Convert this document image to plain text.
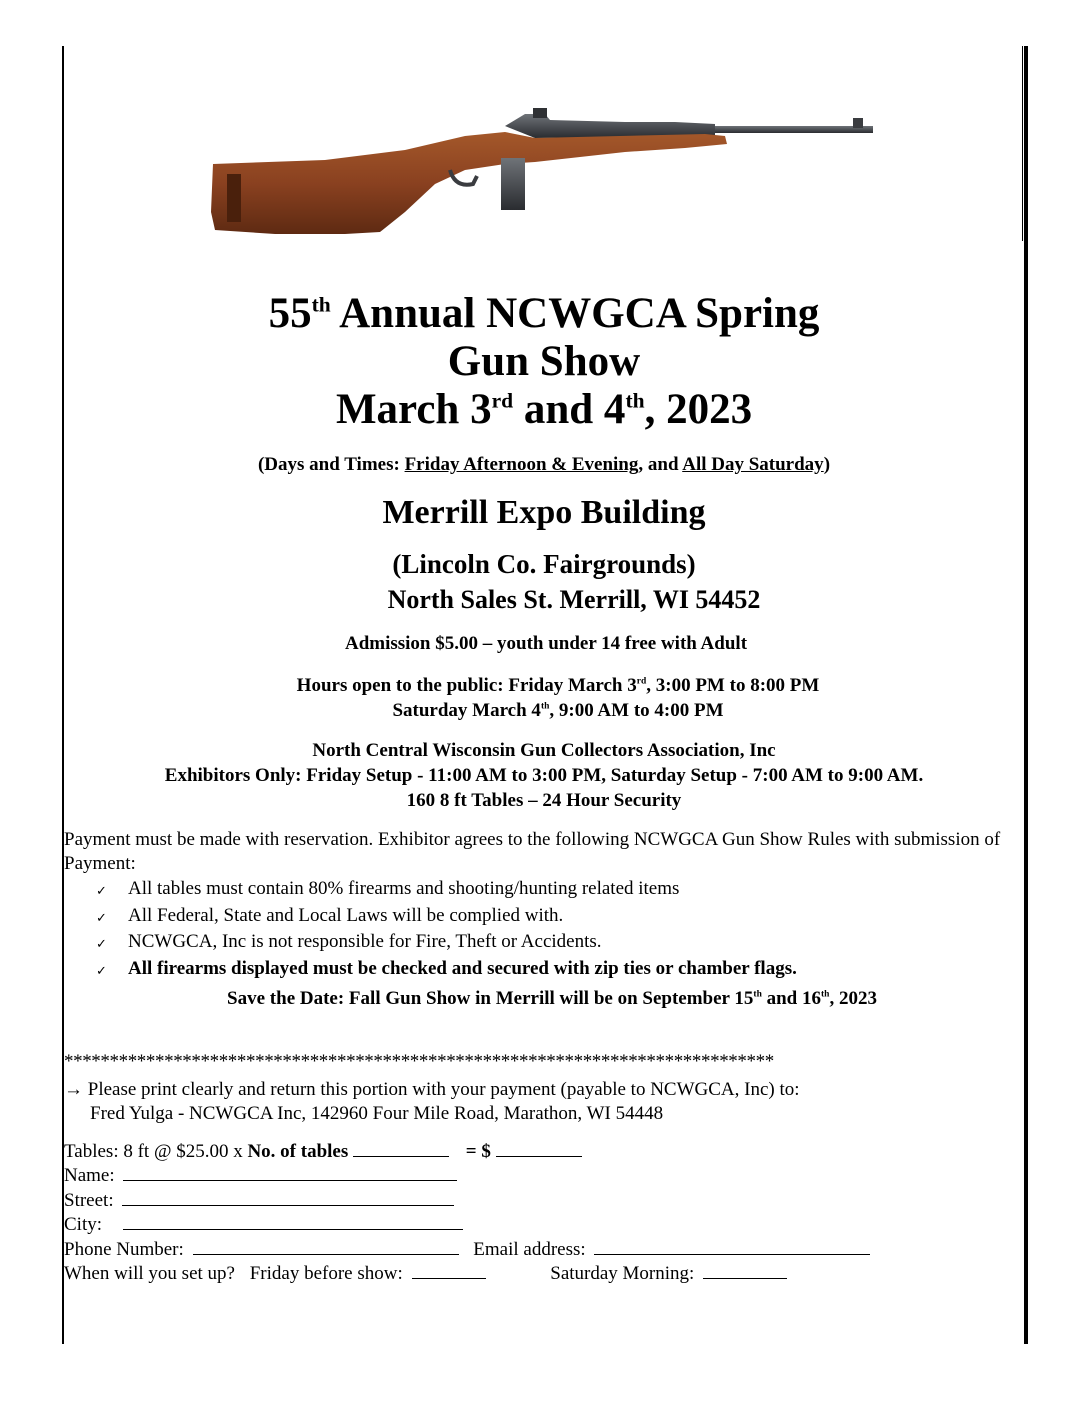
55th Annual NCWGCA Spring
Gun Show
March 3rd and 4th, 2023
(Days and Times: Friday Afternoon & Evening, and All Day Saturday)
Merrill Expo Building
(Lincoln Co. Fairgrounds)
North Sales St. Merrill, WI 54452
Admission $5.00 – youth under 14 free with Adult
Hours open to the public: Friday March 3rd, 3:00 PM to 8:00 PM
Saturday March 4th, 9:00 AM to 4:00 PM
North Central Wisconsin Gun Collectors Association, Inc
Exhibitors Only: Friday Setup - 11:00 AM to 3:00 PM, Saturday Setup - 7:00 AM to 9:00 AM.
160 8 ft Tables – 24 Hour Security
Payment must be made with reservation. Exhibitor agrees to the following NCWGCA Gun Show Rules with submission of Payment:
✓	All tables must contain 80% firearms and shooting/hunting related items
✓	All Federal, State and Local Laws will be complied with.
✓	NCWGCA, Inc is not responsible for Fire, Theft or Accidents.
✓	All firearms displayed must be checked and secured with zip ties or chamber flags.
Save the Date: Fall Gun Show in Merrill will be on September 15th and 16th, 2023
******************************************************************************
→ Please print clearly and return this portion with your payment (payable to NCWGCA, Inc) to:
Fred Yulga - NCWGCA Inc, 142960 Four Mile Road, Marathon, WI 54448
Tables: 8 ft @ $25.00 x No. of tables	= $
Name:
Street:
City:
Phone Number:	Email address:
When will you set up? Friday before show:	Saturday Morning:
